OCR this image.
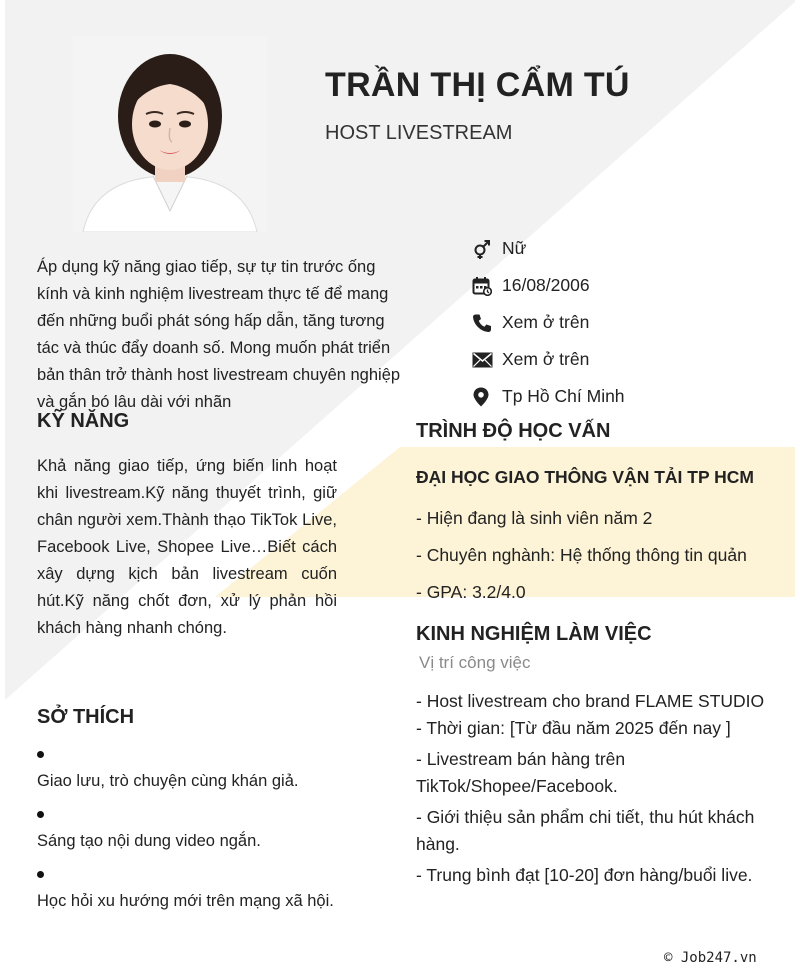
TRẦN THỊ CẨM TÚ
HOST LIVESTREAM
Áp dụng kỹ năng giao tiếp, sự tự tin trước ống kính và kinh nghiệm livestream thực tế để mang đến những buổi phát sóng hấp dẫn, tăng tương tác và thúc đẩy doanh số. Mong muốn phát triển bản thân trở thành host livestream chuyên nghiệp và gắn bó lâu dài với nhãn
Nữ
16/08/2006
Xem ở trên
Xem ở trên
Tp Hồ Chí Minh
KỸ NĂNG
Khả năng giao tiếp, ứng biến linh hoạt khi livestream.Kỹ năng thuyết trình, giữ chân người xem.Thành thạo TikTok Live, Facebook Live, Shopee Live…Biết cách xây dựng kịch bản livestream cuốn hút.Kỹ năng chốt đơn, xử lý phản hồi khách hàng nhanh chóng.
SỞ THÍCH
Giao lưu, trò chuyện cùng khán giả.
Sáng tạo nội dung video ngắn.
Học hỏi xu hướng mới trên mạng xã hội.
TRÌNH ĐỘ HỌC VẤN
ĐẠI HỌC GIAO THÔNG VẬN TẢI TP HCM
- Hiện đang là sinh viên năm 2
- Chuyên nghành: Hệ thống thông tin quản
- GPA: 3.2/4.0
KINH NGHIỆM LÀM VIỆC
Vị trí công việc
- Host livestream cho brand FLAME STUDIO
- Thời gian: [Từ đầu năm 2025 đến nay ]
- Livestream bán hàng trên TikTok/Shopee/Facebook.
- Giới thiệu sản phẩm chi tiết, thu hút khách hàng.
- Trung bình đạt [10-20] đơn hàng/buổi live.
© Job247.vn
